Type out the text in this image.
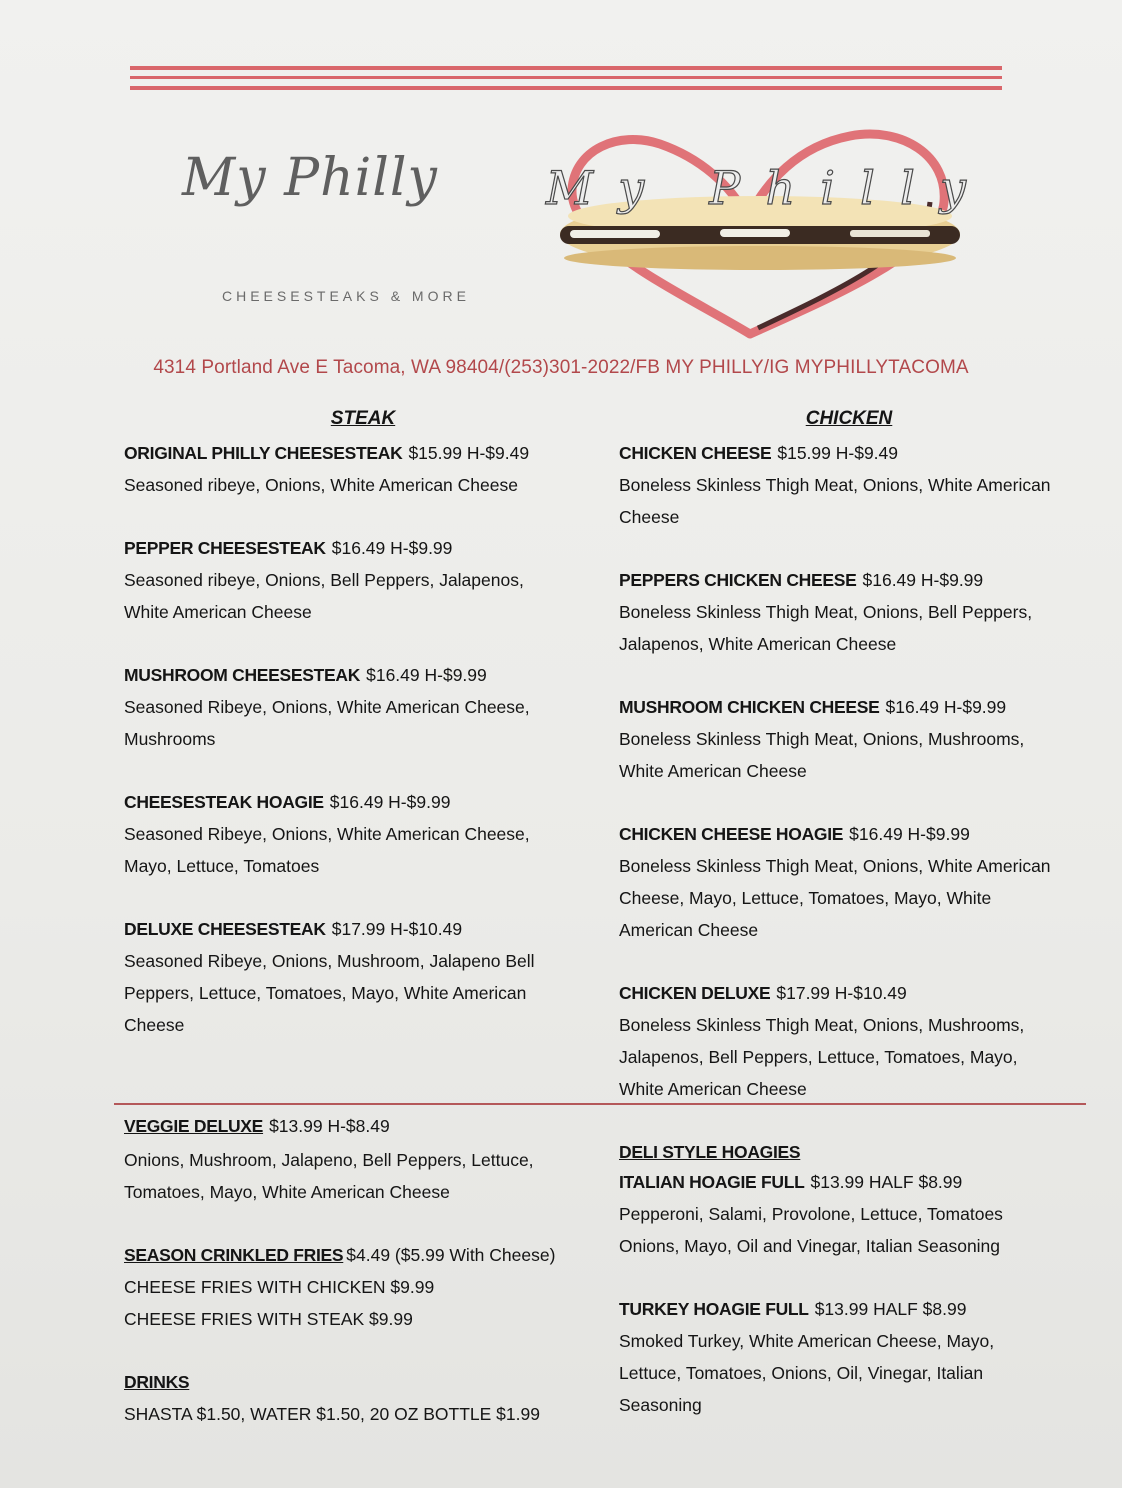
My Philly
CHEESESTEAKS & MORE
My Philly
4314 Portland Ave E Tacoma, WA 98404/(253)301-2022/FB MY PHILLY/IG MYPHILLYTACOMA
STEAK
ORIGINAL PHILLY CHEESESTEAK $15.99 H-$9.49
Seasoned ribeye, Onions, White American Cheese
PEPPER CHEESESTEAK $16.49 H-$9.99
Seasoned ribeye, Onions, Bell Peppers, Jalapenos, White American Cheese
MUSHROOM CHEESESTEAK $16.49 H-$9.99
Seasoned Ribeye, Onions, White American Cheese, Mushrooms
CHEESESTEAK HOAGIE $16.49 H-$9.99
Seasoned Ribeye, Onions, White American Cheese, Mayo, Lettuce, Tomatoes
DELUXE CHEESESTEAK $17.99 H-$10.49
Seasoned Ribeye, Onions, Mushroom, Jalapeno Bell Peppers, Lettuce, Tomatoes, Mayo, White American Cheese
CHICKEN
CHICKEN CHEESE $15.99 H-$9.49
Boneless Skinless Thigh Meat, Onions, White American Cheese
PEPPERS CHICKEN CHEESE $16.49 H-$9.99
Boneless Skinless Thigh Meat, Onions, Bell Peppers, Jalapenos, White American Cheese
MUSHROOM CHICKEN CHEESE $16.49 H-$9.99
Boneless Skinless Thigh Meat, Onions, Mushrooms, White American Cheese
CHICKEN CHEESE HOAGIE $16.49 H-$9.99
Boneless Skinless Thigh Meat, Onions, White American Cheese, Mayo, Lettuce, Tomatoes, Mayo, White American Cheese
CHICKEN DELUXE $17.99 H-$10.49
Boneless Skinless Thigh Meat, Onions, Mushrooms, Jalapenos, Bell Peppers, Lettuce, Tomatoes, Mayo, White American Cheese
VEGGIE DELUXE $13.99 H-$8.49
Onions, Mushroom, Jalapeno, Bell Peppers, Lettuce, Tomatoes, Mayo, White American Cheese
SEASON CRINKLED FRIES $4.49 ($5.99 With Cheese)
CHEESE FRIES WITH CHICKEN $9.99
CHEESE FRIES WITH STEAK $9.99
DRINKS
SHASTA $1.50, WATER $1.50, 20 OZ BOTTLE $1.99
DELI STYLE HOAGIES
ITALIAN HOAGIE FULL $13.99 HALF $8.99
Pepperoni, Salami, Provolone, Lettuce, Tomatoes Onions, Mayo, Oil and Vinegar, Italian Seasoning
TURKEY HOAGIE FULL $13.99 HALF $8.99
Smoked Turkey, White American Cheese, Mayo, Lettuce, Tomatoes, Onions, Oil, Vinegar, Italian Seasoning
